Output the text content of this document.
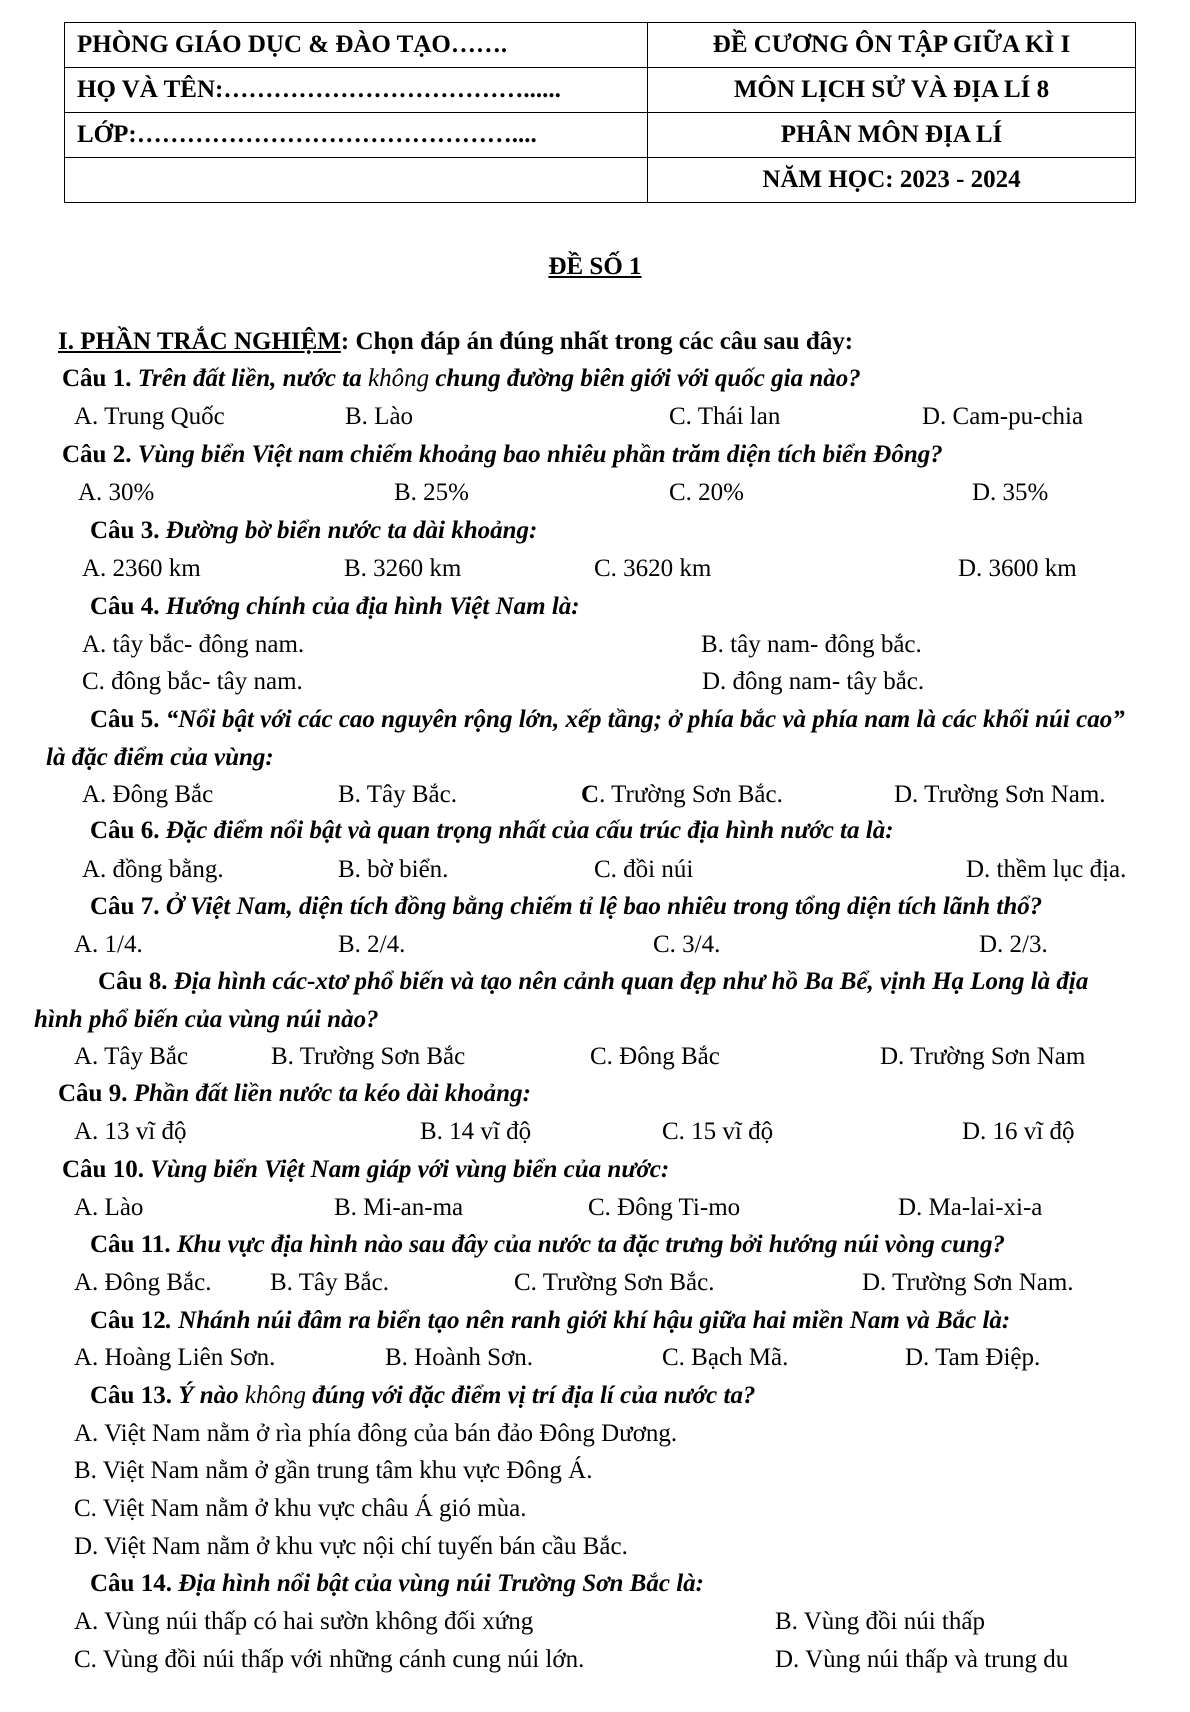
PHÒNG GIÁO DỤC & ĐÀO TẠO…….	ĐỀ CƯƠNG ÔN TẬP GIỮA KÌ I
HỌ VÀ TÊN:………………………………......	MÔN LỊCH SỬ VÀ ĐỊA LÍ 8
LỚP:………………………………………....	PHÂN MÔN ĐỊA LÍ
	NĂM HỌC: 2023 - 2024
ĐỀ SỐ 1
I. PHẦN TRẮC NGHIỆM: Chọn đáp án đúng nhất trong các câu sau đây:
Câu 1. Trên đất liền, nước ta không chung đường biên giới với quốc gia nào?
A. Trung Quốc	B. Lào	C. Thái lan	D. Cam-pu-chia
Câu 2. Vùng biển Việt nam chiếm khoảng bao nhiêu phần trăm diện tích biển Đông?
A. 30%	B. 25%	C. 20%	D. 35%
Câu 3. Đường bờ biển nước ta dài khoảng:
A. 2360 km	B. 3260 km	C. 3620 km	D. 3600 km
Câu 4. Hướng chính của địa hình Việt Nam là:
A. tây bắc- đông nam.	B. tây nam- đông bắc.
C. đông bắc- tây nam.	D. đông nam- tây bắc.
Câu 5. “Nổi bật với các cao nguyên rộng lớn, xếp tầng; ở phía bắc và phía nam là các khối núi cao” là đặc điểm của vùng:
A. Đông Bắc	B. Tây Bắc.	C. Trường Sơn Bắc.	D. Trường Sơn Nam.
Câu 6. Đặc điểm nổi bật và quan trọng nhất của cấu trúc địa hình nước ta là:
A. đồng bằng.	B. bờ biển.	C. đồi núi	D. thềm lục địa.
Câu 7. Ở Việt Nam, diện tích đồng bằng chiếm tỉ lệ bao nhiêu trong tổng diện tích lãnh thổ?
A. 1/4.	B. 2/4.	C. 3/4.	D. 2/3.
Câu 8. Địa hình các-xtơ phổ biến và tạo nên cảnh quan đẹp như hồ Ba Bể, vịnh Hạ Long là địa hình phổ biến của vùng núi nào?
A. Tây Bắc	B. Trường Sơn Bắc	C. Đông Bắc	D. Trường Sơn Nam
Câu 9. Phần đất liền nước ta kéo dài khoảng:
A. 13 vĩ độ	B. 14 vĩ độ	C. 15 vĩ độ	D. 16 vĩ độ
Câu 10. Vùng biển Việt Nam giáp với vùng biển của nước:
A. Lào	B. Mi-an-ma	C. Đông Ti-mo	D. Ma-lai-xi-a
Câu 11. Khu vực địa hình nào sau đây của nước ta đặc trưng bởi hướng núi vòng cung?
A. Đông Bắc. B. Tây Bắc.	C. Trường Sơn Bắc.	D. Trường Sơn Nam.
Câu 12. Nhánh núi đâm ra biển tạo nên ranh giới khí hậu giữa hai miền Nam và Bắc là:
A. Hoàng Liên Sơn.	B. Hoành Sơn.	C. Bạch Mã.	D. Tam Điệp.
Câu 13. Ý nào không đúng với đặc điểm vị trí địa lí của nước ta?
A. Việt Nam nằm ở rìa phía đông của bán đảo Đông Dương.
B. Việt Nam nằm ở gần trung tâm khu vực Đông Á.
C. Việt Nam nằm ở khu vực châu Á gió mùa.
D. Việt Nam nằm ở khu vực nội chí tuyến bán cầu Bắc.
Câu 14. Địa hình nổi bật của vùng núi Trường Sơn Bắc là:
A. Vùng núi thấp có hai sườn không đối xứng	B. Vùng đồi núi thấp
C. Vùng đồi núi thấp với những cánh cung núi lớn.	D. Vùng núi thấp và trung du
